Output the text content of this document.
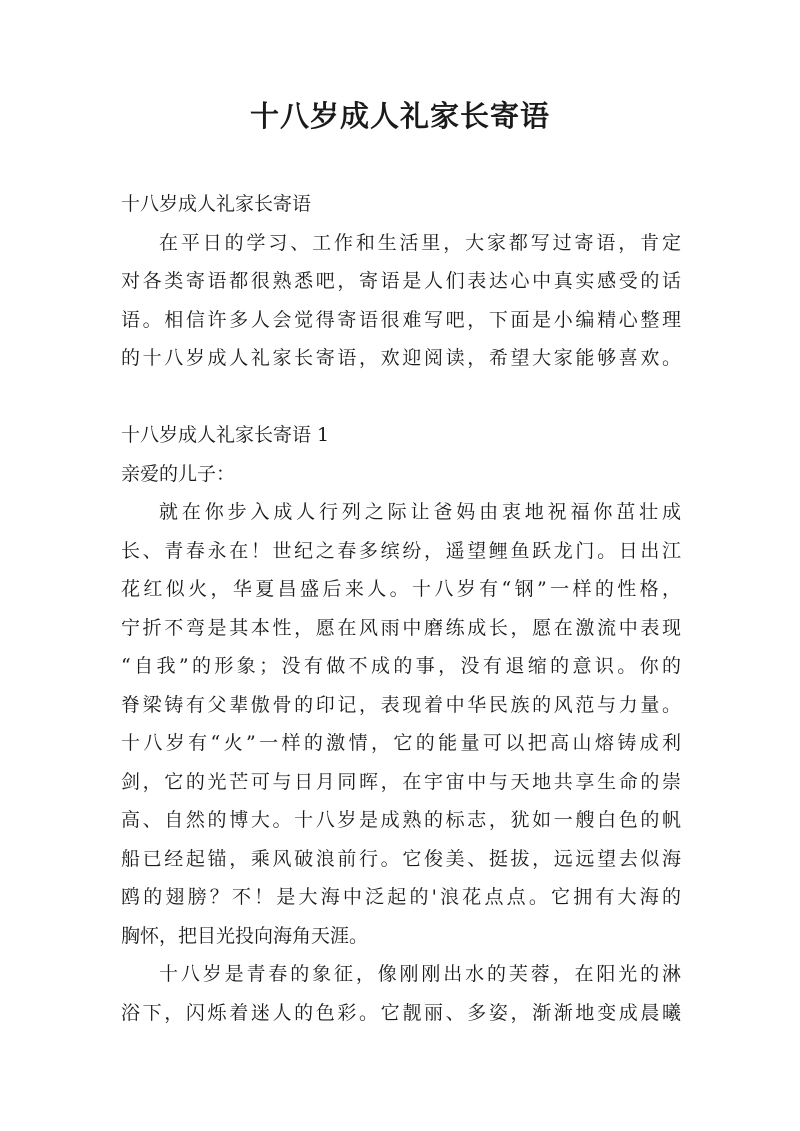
十八岁成人礼家长寄语
十八岁成人礼家长寄语
在平日的学习、工作和生活里，大家都写过寄语，肯定
对各类寄语都很熟悉吧，寄语是人们表达心中真实感受的话
语。相信许多人会觉得寄语很难写吧，下面是小编精心整理
的十八岁成人礼家长寄语，欢迎阅读，希望大家能够喜欢。
十八岁成人礼家长寄语 1
亲爱的儿子：
就在你步入成人行列之际让爸妈由衷地祝福你茁壮成
长、青春永在！世纪之春多缤纷，遥望鲤鱼跃龙门。日出江
花红似火，华夏昌盛后来人。十八岁有“钢”一样的性格，
宁折不弯是其本性，愿在风雨中磨练成长，愿在激流中表现
“自我”的形象；没有做不成的事，没有退缩的意识。你的
脊梁铸有父辈傲骨的印记，表现着中华民族的风范与力量。
十八岁有“火”一样的激情，它的能量可以把高山熔铸成利
剑，它的光芒可与日月同晖，在宇宙中与天地共享生命的崇
高、自然的博大。十八岁是成熟的标志，犹如一艘白色的帆
船已经起锚，乘风破浪前行。它俊美、挺拔，远远望去似海
鸥的翅膀？不！是大海中泛起的'浪花点点。它拥有大海的
胸怀，把目光投向海角天涯。
十八岁是青春的象征，像刚刚出水的芙蓉，在阳光的淋
浴下，闪烁着迷人的色彩。它靓丽、多姿，渐渐地变成晨曦
